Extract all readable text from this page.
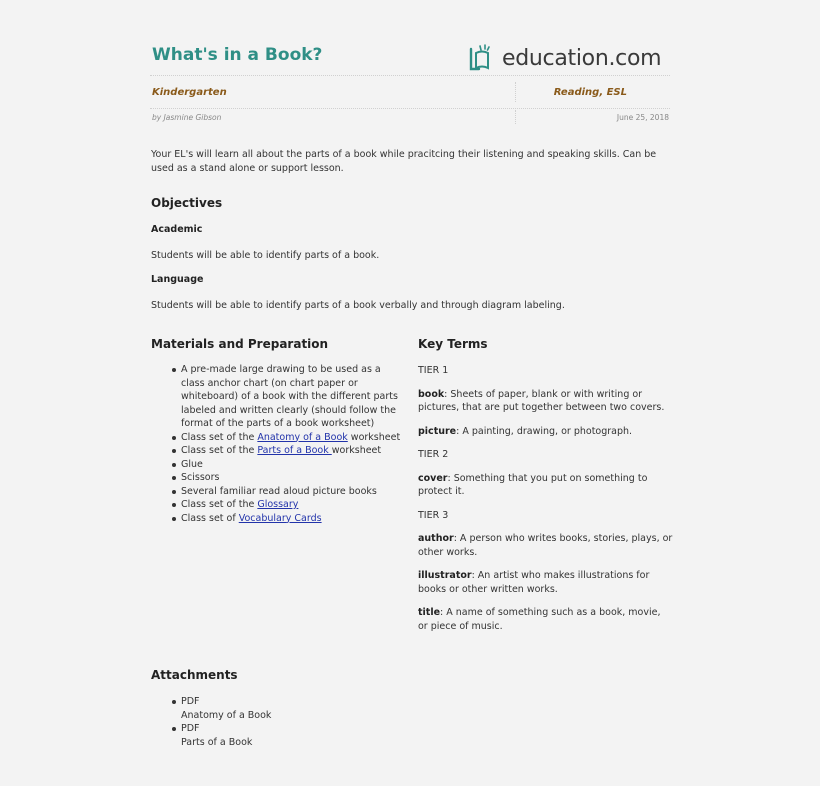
What's in a Book?	education.com
Kindergarten	Reading, ESL
by Jasmine Gibson	June 25, 2018
Your EL's will learn all about the parts of a book while pracitcing their listening and speaking skills. Can be used as a stand alone or support lesson.
Objectives
Academic
Students will be able to identify parts of a book.
Language
Students will be able to identify parts of a book verbally and through diagram labeling.
Materials and Preparation
A pre-made large drawing to be used as a class anchor chart (on chart paper or whiteboard) of a book with the different parts labeled and written clearly (should follow the format of the parts of a book worksheet)
Class set of the Anatomy of a Book worksheet
Class set of the Parts of a Book worksheet
Glue
Scissors
Several familiar read aloud picture books
Class set of the Glossary
Class set of Vocabulary Cards
Key Terms
TIER 1
book: Sheets of paper, blank or with writing or pictures, that are put together between two covers.
picture: A painting, drawing, or photograph.
TIER 2
cover: Something that you put on something to protect it.
TIER 3
author: A person who writes books, stories, plays, or other works.
illustrator: An artist who makes illustrations for books or other written works.
title: A name of something such as a book, movie, or piece of music.
Attachments
PDF
Anatomy of a Book
PDF
Parts of a Book
